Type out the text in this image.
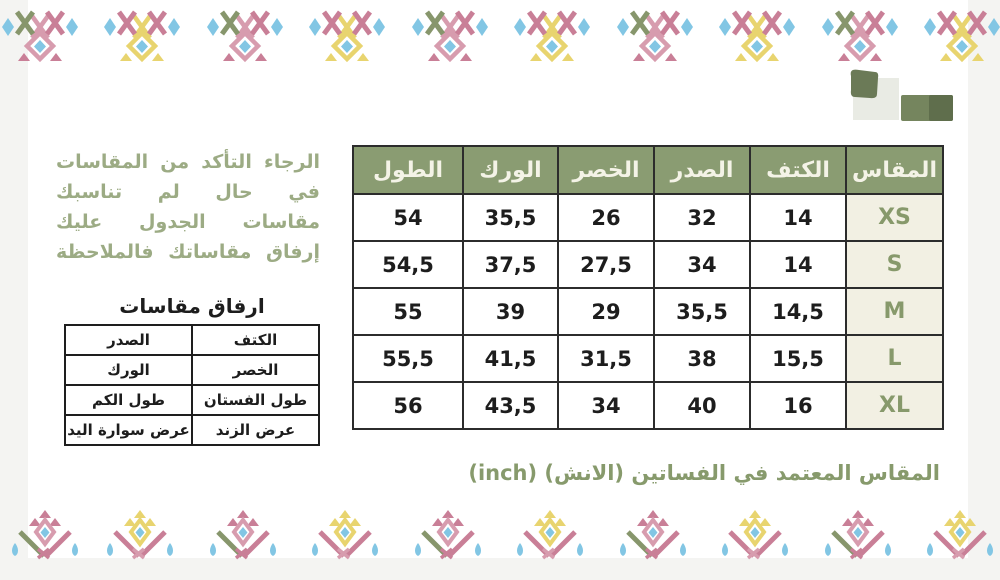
الرجاء التأكد من المقاسات
في حال لم تناسبك
مقاسات الجدول عليك
إرفاق مقاساتك فالملاحظة
ارفاق مقاسات
الكتف	الصدر
الخصر	الورك
طول الفستان	طول الكم
عرض الزند	عرض سوارة اليد
المقاس	الكتف	الصدر	الخصر	الورك	الطول
XS	14	32	26	35,5	54
S	14	34	27,5	37,5	54,5
M	14,5	35,5	29	39	55
L	15,5	38	31,5	41,5	55,5
XL	16	40	34	43,5	56
المقاس المعتمد في الفساتين (الانش) (inch)
